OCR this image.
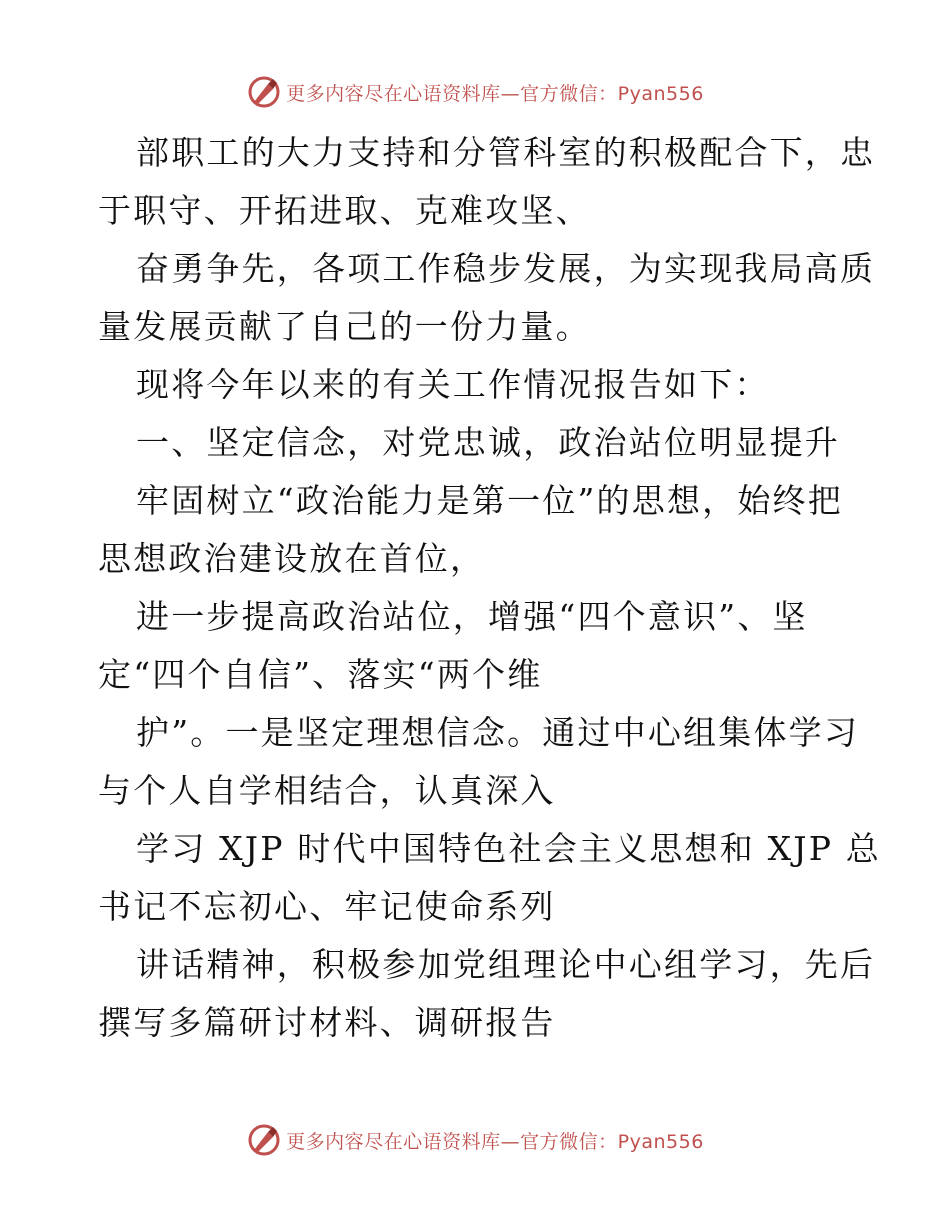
更多内容尽在心语资料库—官方微信：Pyan556
部职工的大力支持和分管科室的积极配合下，忠
于职守、开拓进取、克难攻坚、
奋勇争先，各项工作稳步发展，为实现我局高质
量发展贡献了自己的一份力量。
现将今年以来的有关工作情况报告如下：
一、坚定信念，对党忠诚，政治站位明显提升
牢固树立“政治能力是第一位”的思想，始终把
思想政治建设放在首位，
进一步提高政治站位，增强“四个意识”、坚
定“四个自信”、落实“两个维
护”。一是坚定理想信念。通过中心组集体学习
与个人自学相结合，认真深入
学习 XJP 时代中国特色社会主义思想和 XJP 总
书记不忘初心、牢记使命系列
讲话精神，积极参加党组理论中心组学习，先后
撰写多篇研讨材料、调研报告
更多内容尽在心语资料库—官方微信：Pyan556
